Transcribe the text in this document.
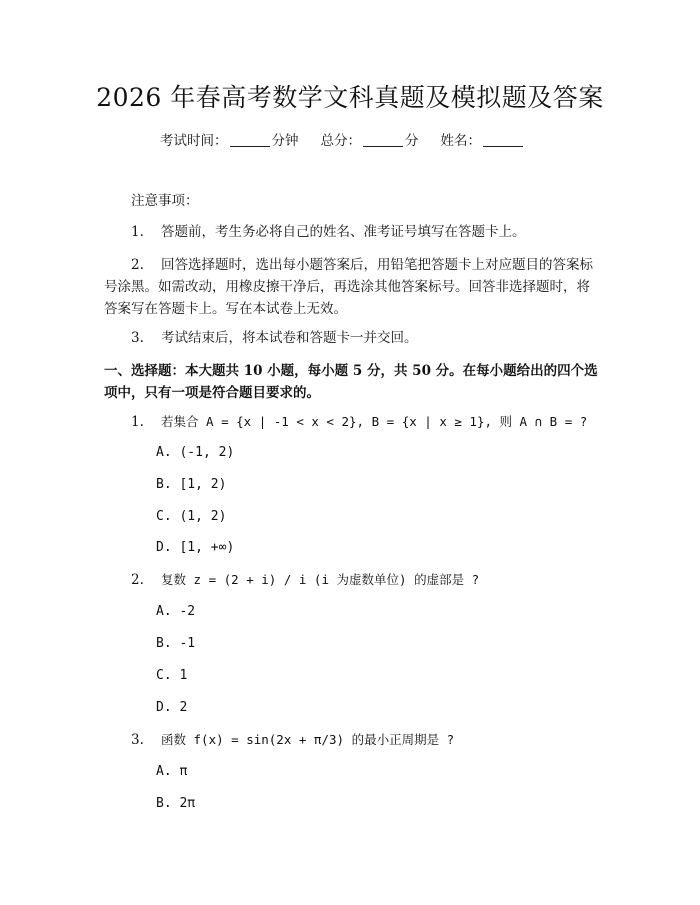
2026 年春高考数学文科真题及模拟题及答案
考试时间：	分钟 总分：	分 姓名：
注意事项：
1. 答题前，考生务必将自己的姓名、准考证号填写在答题卡上。
2. 回答选择题时，选出每小题答案后，用铅笔把答题卡上对应题目的答案标
号涂黑。如需改动，用橡皮擦干净后，再选涂其他答案标号。回答非选择题时，将
答案写在答题卡上。写在本试卷上无效。
3. 考试结束后，将本试卷和答题卡一并交回。
一、选择题：本大题共 10 小题，每小题 5 分，共 50 分。在每小题给出的四个选
项中，只有一项是符合题目要求的。
1. 若集合 A = {x | -1 < x < 2}, B = {x | x ≥ 1}, 则 A ∩ B = ?
A. (-1, 2)
B. [1, 2)
C. (1, 2)
D. [1, +∞)
2. 复数 z = (2 + i) / i (i 为虚数单位) 的虚部是 ?
A. -2
B. -1
C. 1
D. 2
3. 函数 f(x) = sin(2x + π/3) 的最小正周期是 ?
A. π
B. 2π
